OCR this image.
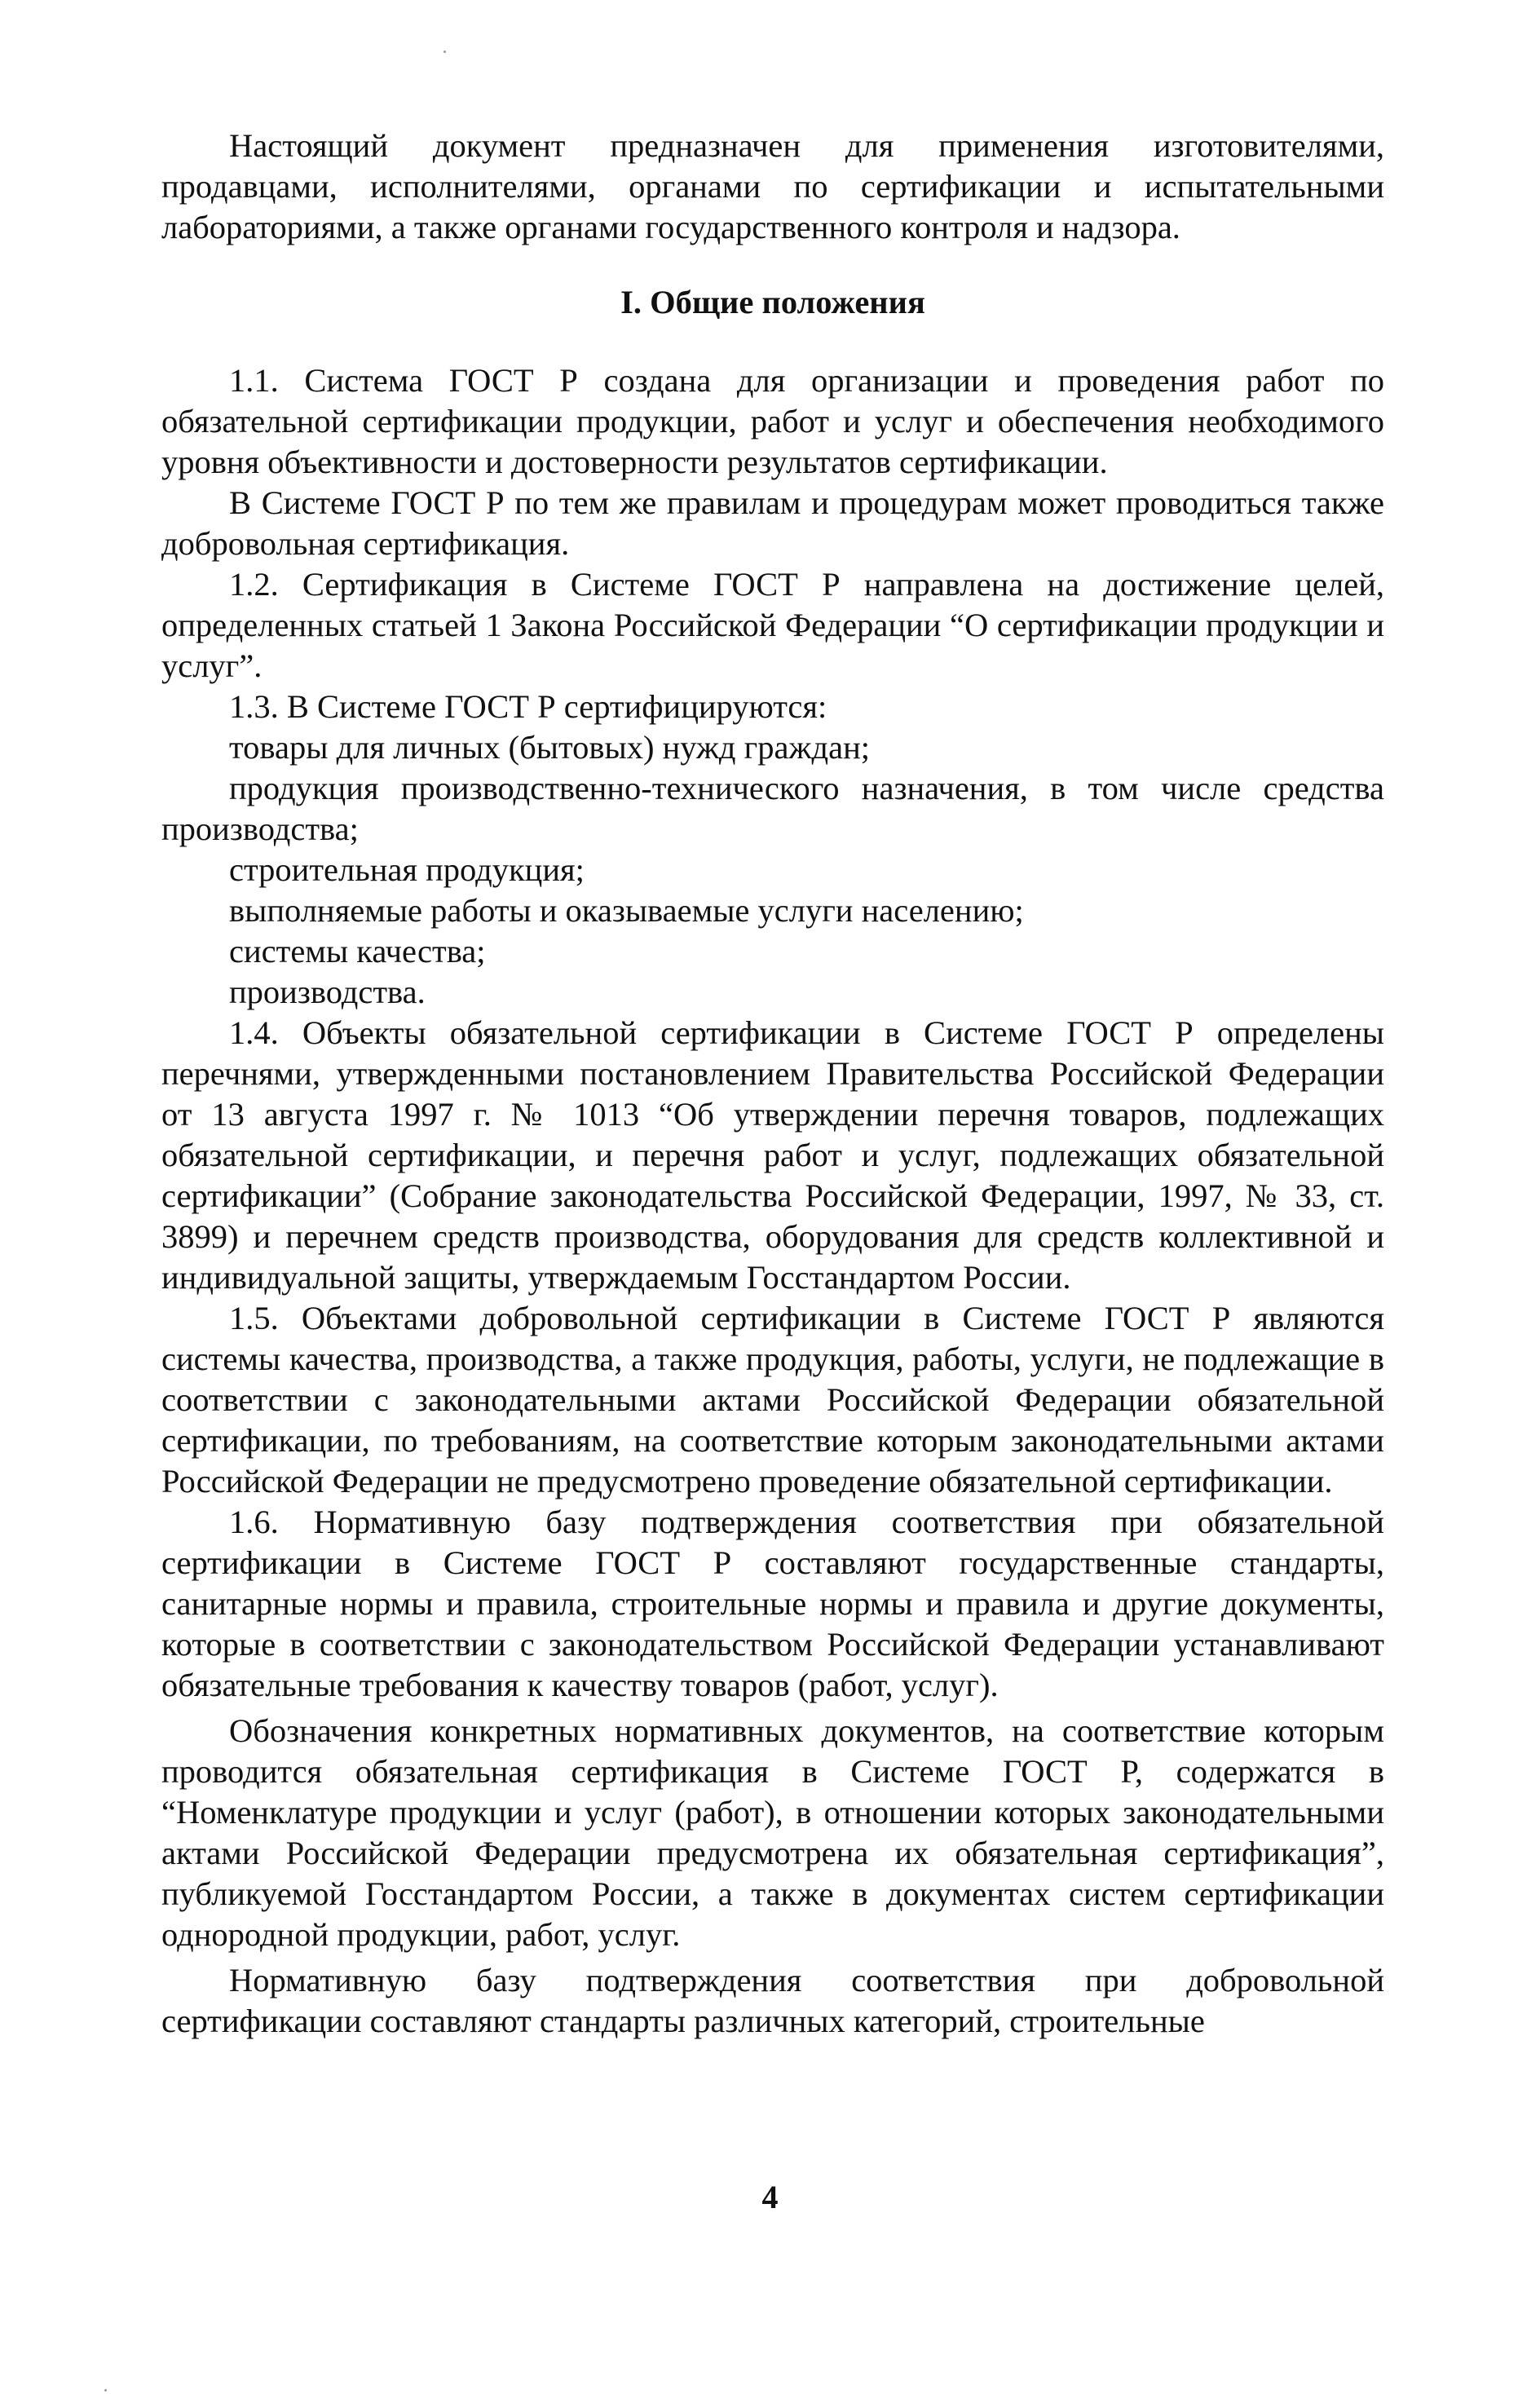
Настоящий документ предназначен для применения изготовителями, продавцами, исполнителями, органами по сертификации и испытательными лабораториями, а также органами государственного контроля и надзора.

I. Общие положения

1.1. Система ГОСТ Р создана для организации и проведения работ по обязательной сертификации продукции, работ и услуг и обеспечения необходимого уровня объективности и достоверности результатов сертификации.

В Системе ГОСТ Р по тем же правилам и процедурам может проводиться также добровольная сертификация.

1.2. Сертификация в Системе ГОСТ Р направлена на достижение целей, определенных статьей 1 Закона Российской Федерации “О сертификации продукции и услуг”.

1.3. В Системе ГОСТ Р сертифицируются:

товары для личных (бытовых) нужд граждан;

продукция производственно-технического назначения, в том числе средства производства;

строительная продукция;

выполняемые работы и оказываемые услуги населению;

системы качества;

производства.

1.4. Объекты обязательной сертификации в Системе ГОСТ Р определены перечнями, утвержденными постановлением Правительства Российской Федерации от 13 августа 1997 г. № 1013 “Об утверждении перечня товаров, подлежащих обязательной сертификации, и перечня работ и услуг, подлежащих обязательной сертификации” (Собрание законодательства Российской Федерации, 1997, № 33, ст. 3899) и перечнем средств производства, оборудования для средств коллективной и индивидуальной защиты, утверждаемым Госстандартом России.

1.5. Объектами добровольной сертификации в Системе ГОСТ Р являются системы качества, производства, а также продукция, работы, услуги, не подлежащие в соответствии с законодательными актами Российской Федерации обязательной сертификации, по требованиям, на соответствие которым законодательными актами Российской Федерации не предусмотрено проведение обязательной сертификации.

1.6. Нормативную базу подтверждения соответствия при обязательной сертификации в Системе ГОСТ Р составляют государственные стандарты, санитарные нормы и правила, строительные нормы и правила и другие документы, которые в соответствии с законодательством Российской Федерации устанавливают обязательные требования к качеству товаров (работ, услуг).

Обозначения конкретных нормативных документов, на соответствие которым проводится обязательная сертификация в Системе ГОСТ Р, содержатся в “Номенклатуре продукции и услуг (работ), в отношении которых законодательными актами Российской Федерации предусмотрена их обязательная сертификация”, публикуемой Госстандартом России, а также в документах систем сертификации однородной продукции, работ, услуг.

Нормативную базу подтверждения соответствия при добровольной сертификации составляют стандарты различных категорий, строительные

4
